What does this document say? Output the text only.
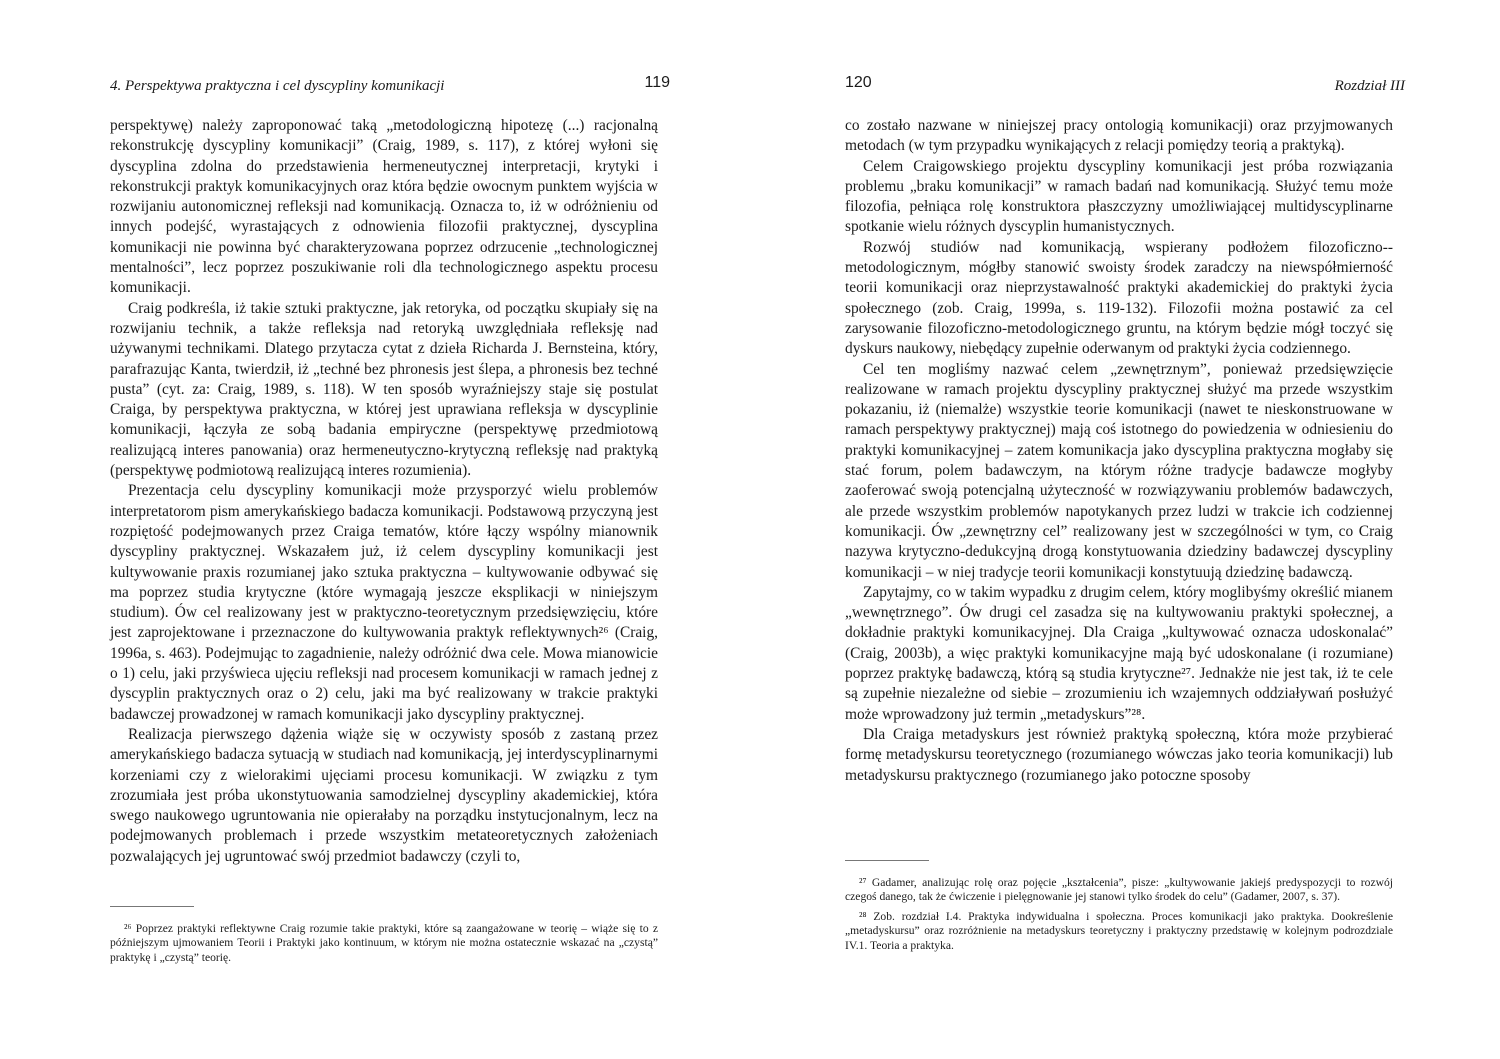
4. Perspektywa praktyczna i cel dyscypliny komunikacji	119

perspektywę) należy zaproponować taką „metodologiczną hipotezę (...) racjonalną rekonstrukcję dyscypliny komunikacji” (Craig, 1989, s. 117), z której wyłoni się dyscyplina zdolna do przedstawienia hermeneutycznej interpretacji, krytyki i rekonstrukcji praktyk komunikacyjnych oraz która będzie owocnym punktem wyjścia w rozwijaniu autonomicznej refleksji nad komunikacją. Oznacza to, iż w odróżnieniu od innych podejść, wyrastających z odnowienia filozofii praktycznej, dyscyplina komunikacji nie powinna być charakteryzowana poprzez odrzucenie „technologicznej mentalności”, lecz poprzez poszukiwanie roli dla technologicznego aspektu procesu komunikacji.

Craig podkreśla, iż takie sztuki praktyczne, jak retoryka, od początku skupiały się na rozwijaniu technik, a także refleksja nad retoryką uwzględniała refleksję nad używanymi technikami. Dlatego przytacza cytat z dzieła Richarda J. Bernsteina, który, parafrazując Kanta, twierdził, iż „techné bez phronesis jest ślepa, a phronesis bez techné pusta” (cyt. za: Craig, 1989, s. 118). W ten sposób wyraźniejszy staje się postulat Craiga, by perspektywa praktyczna, w której jest uprawiana refleksja w dyscyplinie komunikacji, łączyła ze sobą badania empiryczne (perspektywę przedmiotową realizującą interes panowania) oraz hermeneutyczno-krytyczną refleksję nad praktyką (perspektywę podmiotową realizującą interes rozumienia).

Prezentacja celu dyscypliny komunikacji może przysporzyć wielu problemów interpretatorom pism amerykańskiego badacza komunikacji. Podstawową przyczyną jest rozpiętość podejmowanych przez Craiga tematów, które łączy wspólny mianownik dyscypliny praktycznej. Wskazałem już, iż celem dyscypliny komunikacji jest kultywowanie praxis rozumianej jako sztuka praktyczna – kultywowanie odbywać się ma poprzez studia krytyczne (które wymagają jeszcze eksplikacji w niniejszym studium). Ów cel realizowany jest w praktyczno-teoretycznym przedsięwzięciu, które jest zaprojektowane i przeznaczone do kultywowania praktyk reflektywnych²⁶ (Craig, 1996a, s. 463). Podejmując to zagadnienie, należy odróżnić dwa cele. Mowa mianowicie o 1) celu, jaki przyświeca ujęciu refleksji nad procesem komunikacji w ramach jednej z dyscyplin praktycznych oraz o 2) celu, jaki ma być realizowany w trakcie praktyki badawczej prowadzonej w ramach komunikacji jako dyscypliny praktycznej.

Realizacja pierwszego dążenia wiąże się w oczywisty sposób z zastaną przez amerykańskiego badacza sytuacją w studiach nad komunikacją, jej interdyscyplinarnymi korzeniami czy z wielorakimi ujęciami procesu komunikacji. W związku z tym zrozumiała jest próba ukonstytuowania samodzielnej dyscypliny akademickiej, która swego naukowego ugruntowania nie opierałaby na porządku instytucjonalnym, lecz na podejmowanych problemach i przede wszystkim metateoretycznych założeniach pozwalających jej ugruntować swój przedmiot badawczy (czyli to,

²⁶ Poprzez praktyki reflektywne Craig rozumie takie praktyki, które są zaangażowane w teorię – wiąże się to z późniejszym ujmowaniem Teorii i Praktyki jako kontinuum, w którym nie można ostatecznie wskazać na „czystą” praktykę i „czystą” teorię.

120	Rozdział III

co zostało nazwane w niniejszej pracy ontologią komunikacji) oraz przyjmowanych metodach (w tym przypadku wynikających z relacji pomiędzy teorią a praktyką).

Celem Craigowskiego projektu dyscypliny komunikacji jest próba rozwiązania problemu „braku komunikacji” w ramach badań nad komunikacją. Służyć temu może filozofia, pełniąca rolę konstruktora płaszczyzny umożliwiającej multidyscyplinarne spotkanie wielu różnych dyscyplin humanistycznych.

Rozwój studiów nad komunikacją, wspierany podłożem filozoficzno--metodologicznym, mógłby stanowić swoisty środek zaradczy na niewspółmierność teorii komunikacji oraz nieprzystawalność praktyki akademickiej do praktyki życia społecznego (zob. Craig, 1999a, s. 119-132). Filozofii można postawić za cel zarysowanie filozoficzno-metodologicznego gruntu, na którym będzie mógł toczyć się dyskurs naukowy, niebędący zupełnie oderwanym od praktyki życia codziennego.

Cel ten mogliśmy nazwać celem „zewnętrznym”, ponieważ przedsięwzięcie realizowane w ramach projektu dyscypliny praktycznej służyć ma przede wszystkim pokazaniu, iż (niemalże) wszystkie teorie komunikacji (nawet te nieskonstruowane w ramach perspektywy praktycznej) mają coś istotnego do powiedzenia w odniesieniu do praktyki komunikacyjnej – zatem komunikacja jako dyscyplina praktyczna mogłaby się stać forum, polem badawczym, na którym różne tradycje badawcze mogłyby zaoferować swoją potencjalną użyteczność w rozwiązywaniu problemów badawczych, ale przede wszystkim problemów napotykanych przez ludzi w trakcie ich codziennej komunikacji. Ów „zewnętrzny cel” realizowany jest w szczególności w tym, co Craig nazywa krytyczno-dedukcyjną drogą konstytuowania dziedziny badawczej dyscypliny komunikacji – w niej tradycje teorii komunikacji konstytuują dziedzinę badawczą.

Zapytajmy, co w takim wypadku z drugim celem, który moglibyśmy określić mianem „wewnętrznego”. Ów drugi cel zasadza się na kultywowaniu praktyki społecznej, a dokładnie praktyki komunikacyjnej. Dla Craiga „kultywować oznacza udoskonalać” (Craig, 2003b), a więc praktyki komunikacyjne mają być udoskonalane (i rozumiane) poprzez praktykę badawczą, którą są studia krytyczne²⁷. Jednakże nie jest tak, iż te cele są zupełnie niezależne od siebie – zrozumieniu ich wzajemnych oddziaływań posłużyć może wprowadzony już termin „metadyskurs”²⁸.

Dla Craiga metadyskurs jest również praktyką społeczną, która może przybierać formę metadyskursu teoretycznego (rozumianego wówczas jako teoria komunikacji) lub metadyskursu praktycznego (rozumianego jako potoczne sposoby

²⁷ Gadamer, analizując rolę oraz pojęcie „kształcenia”, pisze: „kultywowanie jakiejś predyspozycji to rozwój czegoś danego, tak że ćwiczenie i pielęgnowanie jej stanowi tylko środek do celu” (Gadamer, 2007, s. 37).

²⁸ Zob. rozdział I.4. Praktyka indywidualna i społeczna. Proces komunikacji jako praktyka. Dookreślenie „metadyskursu” oraz rozróżnienie na metadyskurs teoretyczny i praktyczny przedstawię w kolejnym podrozdziale IV.1. Teoria a praktyka.
